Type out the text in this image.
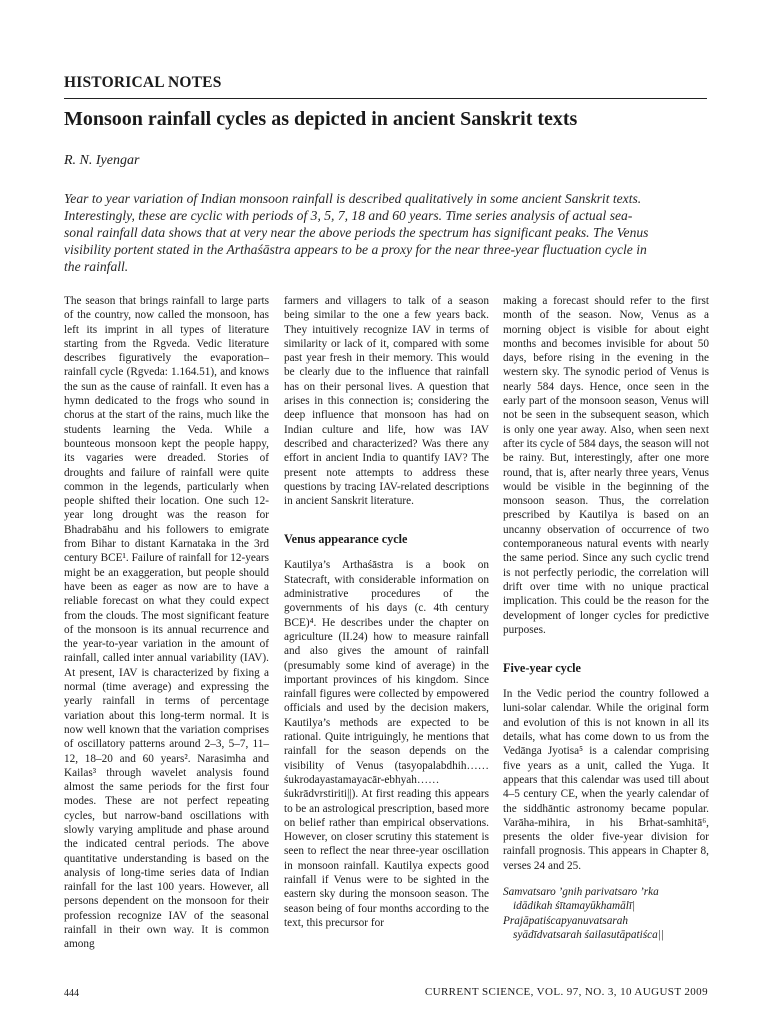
HISTORICAL NOTES
Monsoon rainfall cycles as depicted in ancient Sanskrit texts
R. N. Iyengar

Year to year variation of Indian monsoon rainfall is described qualitatively in some ancient Sanskrit texts.
Interestingly, these are cyclic with periods of 3, 5, 7, 18 and 60 years. Time series analysis of actual sea-
sonal rainfall data shows that at very near the above periods the spectrum has significant peaks. The Venus
visibility portent stated in the Arthaśāstra appears to be a proxy for the near three-year fluctuation cycle in
the rainfall.

The season that brings rainfall to large parts of the country, now called the monsoon, has left its imprint in all types of literature starting from the Rgveda. Vedic literature describes figuratively the evaporation–rainfall cycle (Rgveda: 1.164.51), and knows the sun as the cause of rainfall. It even has a hymn dedicated to the frogs who sound in chorus at the start of the rains, much like the students learning the Veda. While a bounteous monsoon kept the people happy, its vagaries were dreaded. Stories of droughts and failure of rainfall were quite common in the legends, particularly when people shifted their location. One such 12-year long drought was the reason for Bhadrabāhu and his followers to emigrate from Bihar to distant Karnataka in the 3rd century BCE¹. Failure of rainfall for 12-years might be an exaggeration, but people should have been as eager as now are to have a reliable forecast on what they could expect from the clouds. The most significant feature of the monsoon is its annual recurrence and the year-to-year variation in the amount of rainfall, called inter annual variability (IAV). At present, IAV is characterized by fixing a normal (time average) and expressing the yearly rainfall in terms of percentage variation about this long-term normal. It is now well known that the variation comprises of oscillatory patterns around 2–3, 5–7, 11–12, 18–20 and 60 years². Narasimha and Kailas³ through wavelet analysis found almost the same periods for the first four modes. These are not perfect repeating cycles, but narrow-band oscillations with slowly varying amplitude and phase around the indicated central periods. The above quantitative understanding is based on the analysis of long-time series data of Indian rainfall for the last 100 years. However, all persons dependent on the monsoon for their profession recognize IAV of the seasonal rainfall in their own way. It is common among

farmers and villagers to talk of a season being similar to the one a few years back. They intuitively recognize IAV in terms of similarity or lack of it, compared with some past year fresh in their memory. This would be clearly due to the influence that rainfall has on their personal lives. A question that arises in this connection is; considering the deep influence that monsoon has had on Indian culture and life, how was IAV described and characterized? Was there any effort in ancient India to quantify IAV? The present note attempts to address these questions by tracing IAV-related descriptions in ancient Sanskrit literature.

Venus appearance cycle

Kautilya’s Arthaśāstra is a book on Statecraft, with considerable information on administrative procedures of the governments of his days (c. 4th century BCE)⁴. He describes under the chapter on agriculture (II.24) how to measure rainfall and also gives the amount of rainfall (presumably some kind of average) in the important provinces of his kingdom. Since rainfall figures were collected by empowered officials and used by the decision makers, Kautilya’s methods are expected to be rational. Quite intriguingly, he mentions that rainfall for the season depends on the visibility of Venus (tasyopalabdhih……śukrodayastamayacār-ebhyah……śukrādvrstiriti||). At first reading this appears to be an astrological prescription, based more on belief rather than empirical observations. However, on closer scrutiny this statement is seen to reflect the near three-year oscillation in monsoon rainfall. Kautilya expects good rainfall if Venus were to be sighted in the eastern sky during the monsoon season. The season being of four months according to the text, this precursor for

making a forecast should refer to the first month of the season. Now, Venus as a morning object is visible for about eight months and becomes invisible for about 50 days, before rising in the evening in the western sky. The synodic period of Venus is nearly 584 days. Hence, once seen in the early part of the monsoon season, Venus will not be seen in the subsequent season, which is only one year away. Also, when seen next after its cycle of 584 days, the season will not be rainy. But, interestingly, after one more round, that is, after nearly three years, Venus would be visible in the beginning of the monsoon season. Thus, the correlation prescribed by Kautilya is based on an uncanny observation of occurrence of two contemporaneous natural events with nearly the same period. Since any such cyclic trend is not perfectly periodic, the correlation will drift over time with no unique practical implication. This could be the reason for the development of longer cycles for predictive purposes.

Five-year cycle

In the Vedic period the country followed a luni-solar calendar. While the original form and evolution of this is not known in all its details, what has come down to us from the Vedānga Jyotisa⁵ is a calendar comprising five years as a unit, called the Yuga. It appears that this calendar was used till about 4–5 century CE, when the yearly calendar of the siddhāntic astronomy became popular. Varāha-mihira, in his Brhat-samhitā⁶, presents the older five-year division for rainfall prognosis. This appears in Chapter 8, verses 24 and 25.

Samvatsaro ’gnih parivatsaro ’rka
idādikah śītamayūkhamālī|
Prajāpatiścapyanuvatsarah
syādīdvatsarah śailasutāpatiśca||
444	CURRENT SCIENCE, VOL. 97, NO. 3, 10 AUGUST 2009
